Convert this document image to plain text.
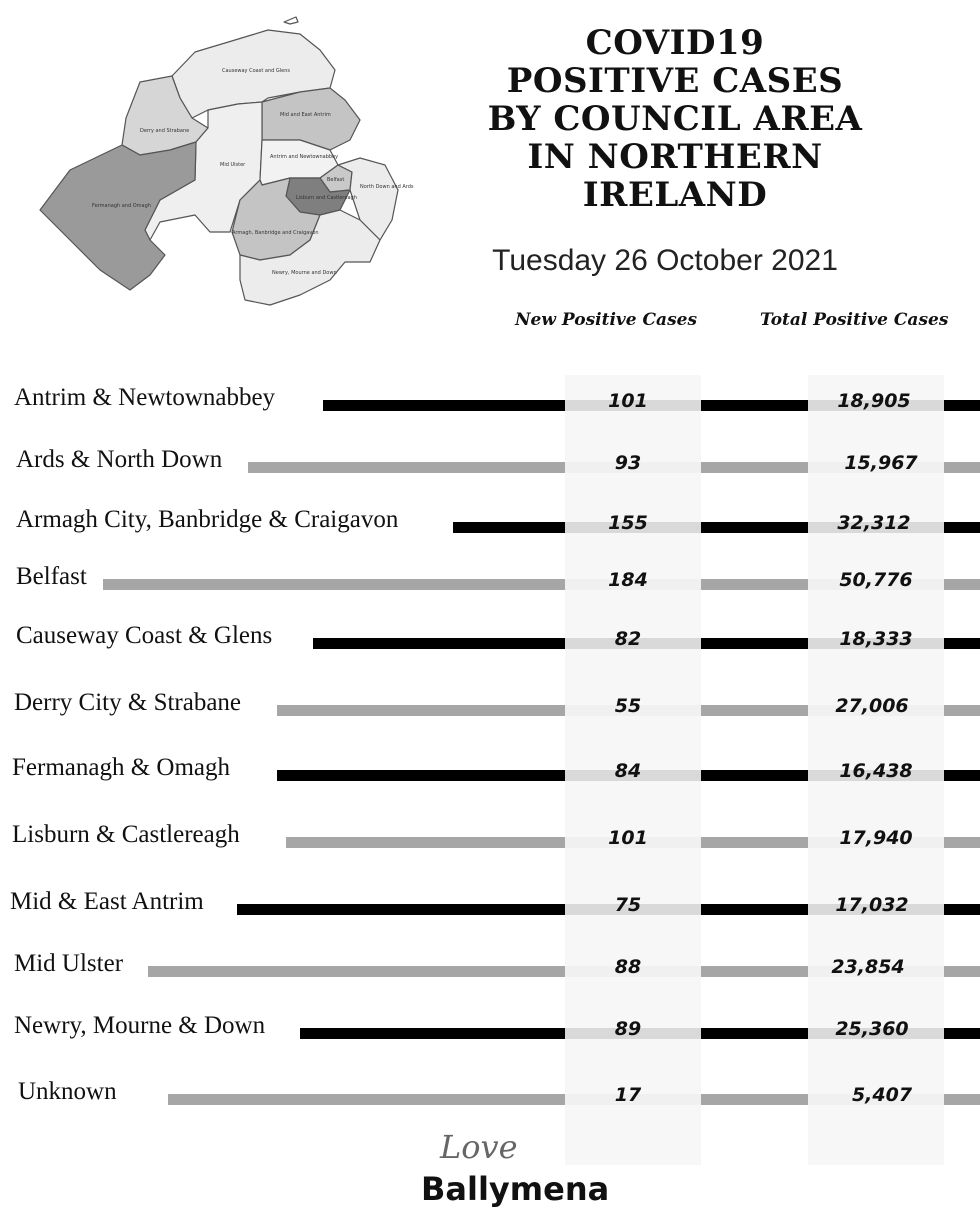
Causeway Coast and Glens
Mid and East Antrim
Derry and Strabane
Antrim and Newtownabbey
Mid Ulster
Belfast
North Down and Ards
Fermanagh and Omagh
Lisburn and Castlereagh
Armagh, Banbridge and Craigavon
Newry, Mourne and Down
COVID19
POSITIVE CASES
BY COUNCIL AREA
IN NORTHERN
IRELAND
Tuesday 26 October 2021
New Positive Cases	Total Positive Cases
Antrim & Newtownabbey	101	18,905
Ards & North Down	93	15,967
Armagh City, Banbridge & Craigavon	155	32,312
Belfast	184	50,776
Causeway Coast & Glens	82	18,333
Derry City & Strabane	55	27,006
Fermanagh & Omagh	84	16,438
Lisburn & Castlereagh	101	17,940
Mid & East Antrim	75	17,032
Mid Ulster	88	23,854
Newry, Mourne & Down	89	25,360
Unknown	17	5,407
Love
Ballymena
